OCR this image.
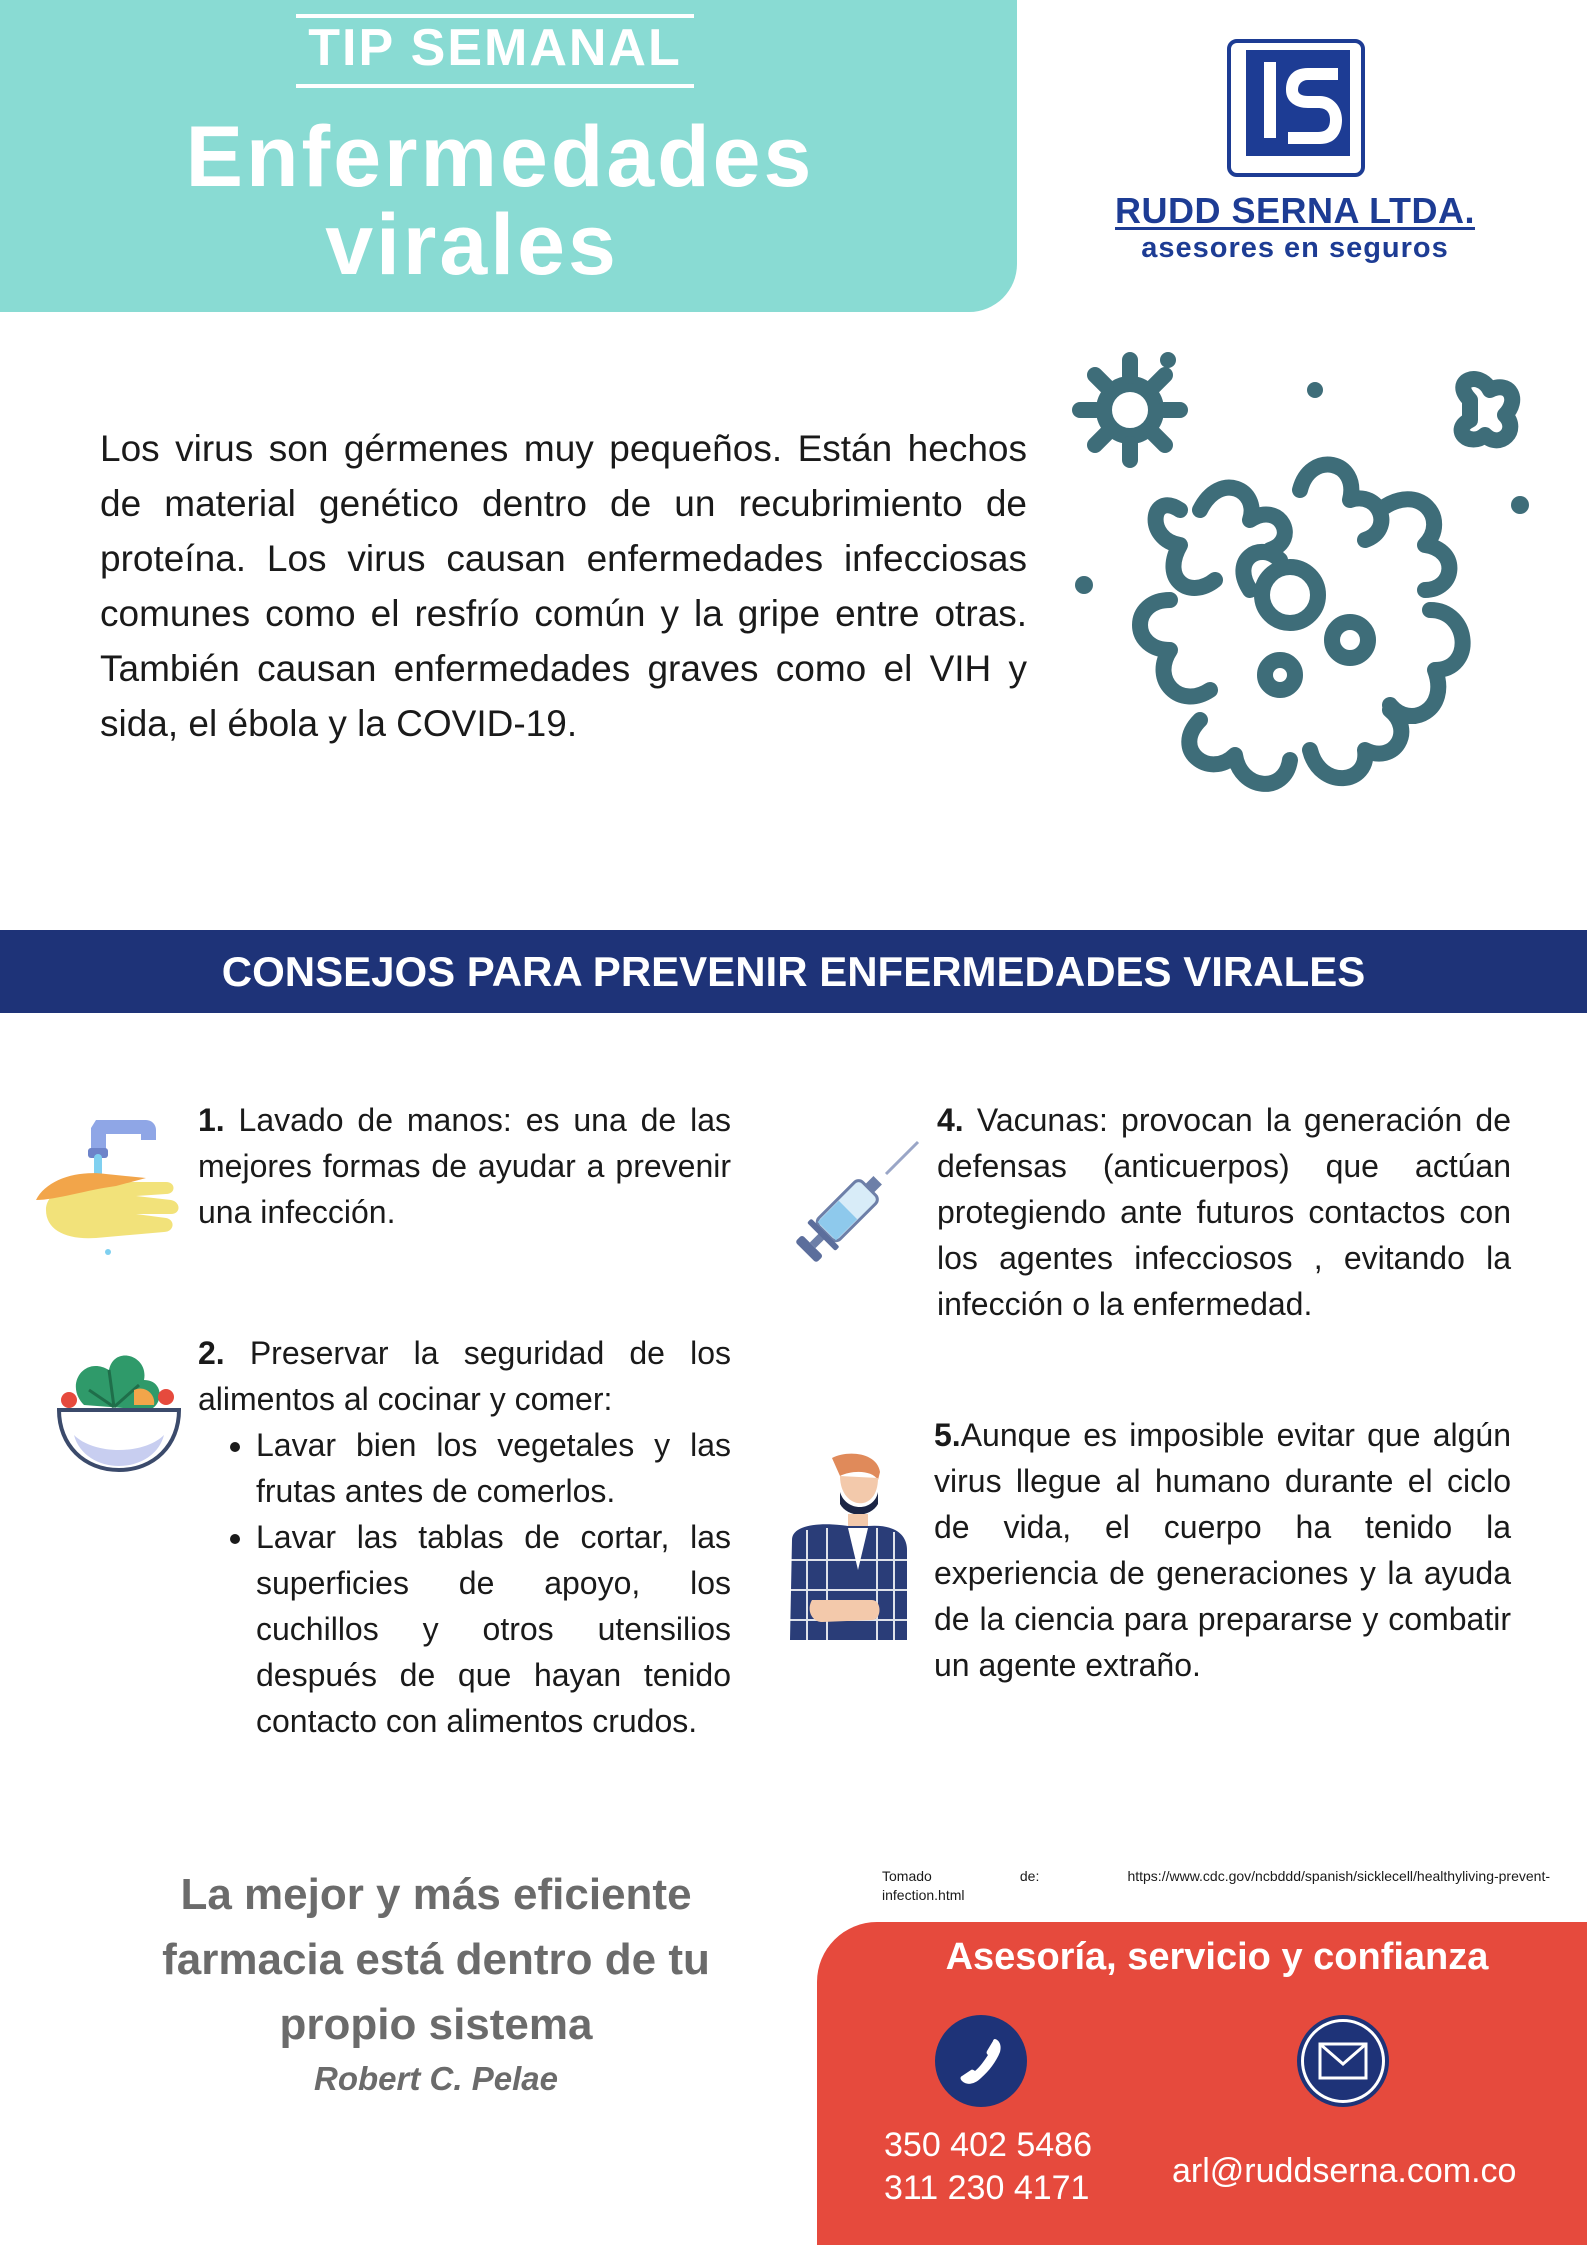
TIP SEMANAL
Enfermedades
virales	RUDD SERNA LTDA.
asesores en seguros
Los virus son gérmenes muy pequeños. Están hechos de material genético dentro de un recubrimiento de proteína. Los virus causan enfermedades infecciosas comunes como el resfrío común y la gripe entre otras. También causan enfermedades graves como el VIH y sida, el ébola y la COVID-19.
CONSEJOS PARA PREVENIR ENFERMEDADES VIRALES
1. Lavado de manos: es una de las mejores formas de ayudar a prevenir una infección.
2. Preservar la seguridad de los alimentos al cocinar y comer:
• Lavar bien los vegetales y las frutas antes de comerlos.
• Lavar las tablas de cortar, las superficies de apoyo, los cuchillos y otros utensilios después de que hayan tenido contacto con alimentos crudos.
4. Vacunas: provocan la generación de defensas (anticuerpos) que actúan protegiendo ante futuros contactos con los agentes infecciosos , evitando la infección o la enfermedad.
5.Aunque es imposible evitar que algún virus llegue al humano durante el ciclo de vida, el cuerpo ha tenido la experiencia de generaciones y la ayuda de la ciencia para prepararse y combatir un agente extraño.
La mejor y más eficiente farmacia está dentro de tu propio sistema
Robert C. Pelae
Tomado de: https://www.cdc.gov/ncbddd/spanish/sicklecell/healthyliving-prevent-
infection.html
Asesoría, servicio y confianza
350 402 5486
311 230 4171 arl@ruddserna.com.co
